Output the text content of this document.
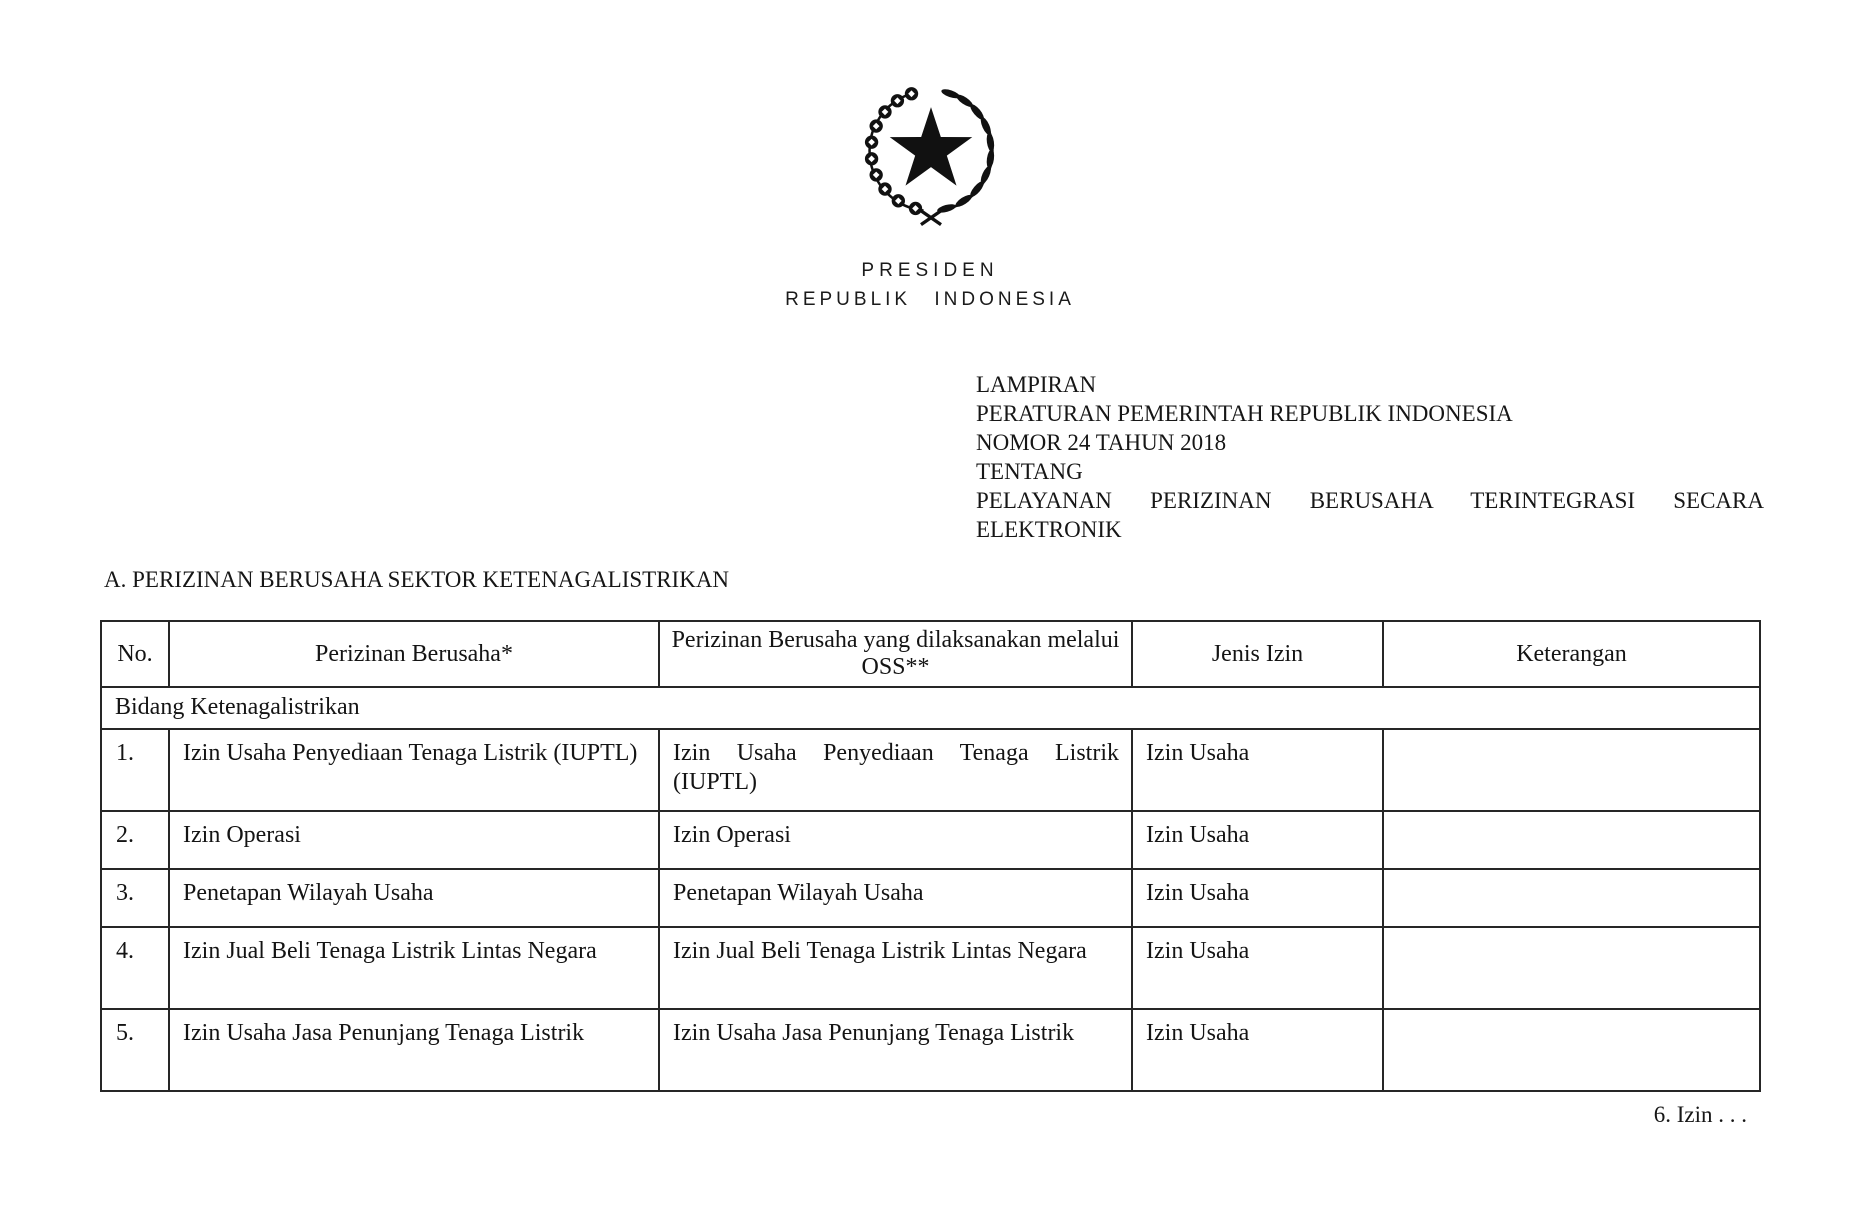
PRESIDEN
REPUBLIK INDONESIA
LAMPIRAN
PERATURAN PEMERINTAH REPUBLIK INDONESIA
NOMOR 24 TAHUN 2018
TENTANG
PELAYANAN PERIZINAN BERUSAHA TERINTEGRASI SECARA
ELEKTRONIK
A. PERIZINAN BERUSAHA SEKTOR KETENAGALISTRIKAN
No.	Perizinan Berusaha*	Perizinan Berusaha yang dilaksanakan melalui OSS**	Jenis Izin	Keterangan
Bidang Ketenagalistrikan				
1.	Izin Usaha Penyediaan Tenaga Listrik (IUPTL)	Izin Usaha Penyediaan Tenaga Listrik (IUPTL)	Izin Usaha	
2.	Izin Operasi	Izin Operasi	Izin Usaha	
3.	Penetapan Wilayah Usaha	Penetapan Wilayah Usaha	Izin Usaha	
4.	Izin Jual Beli Tenaga Listrik Lintas Negara	Izin Jual Beli Tenaga Listrik Lintas Negara	Izin Usaha	
5.	Izin Usaha Jasa Penunjang Tenaga Listrik	Izin Usaha Jasa Penunjang Tenaga Listrik	Izin Usaha	
6. Izin . . .
